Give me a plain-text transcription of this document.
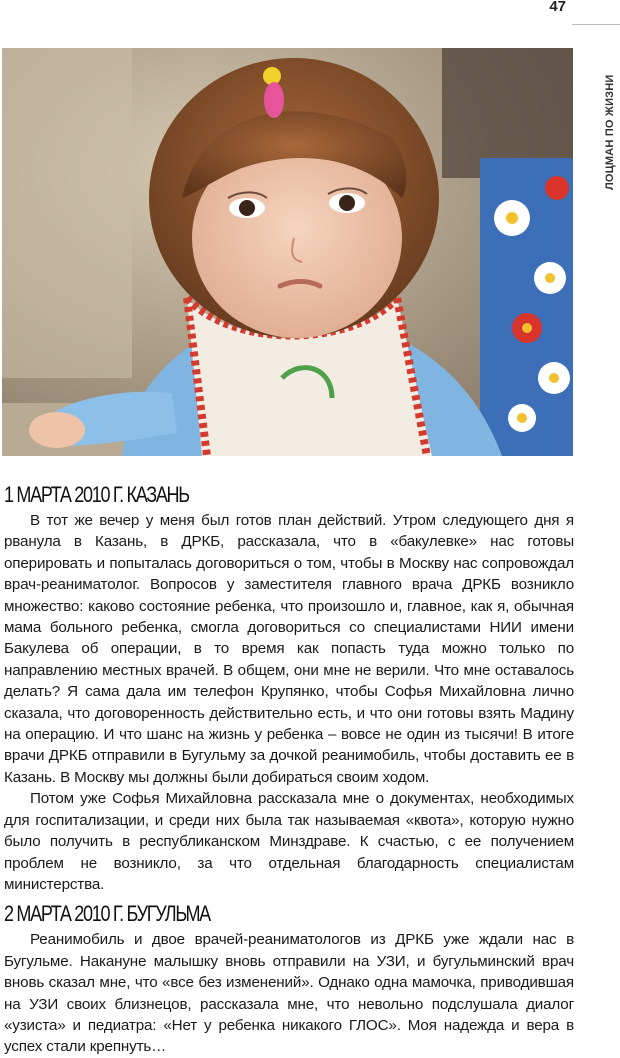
47
ЛОЦМАН ПО ЖИЗНИ
1 МАРТА 2010 Г. КАЗАНЬ

В тот же вечер у меня был готов план действий. Утром следующего дня я рванула в Казань, в ДРКБ, рассказала, что в «бакулевке» нас готовы оперировать и попыталась договориться о том, чтобы в Москву нас сопровождал врач-реаниматолог. Вопросов у заместителя главного врача ДРКБ возникло множество: каково состояние ребенка, что произошло и, главное, как я, обычная мама больного ребенка, смогла договориться со специалистами НИИ имени Бакулева об операции, в то время как попасть туда можно только по направлению местных врачей. В общем, они мне не верили. Что мне оставалось делать? Я сама дала им телефон Крупянко, чтобы Софья Михайловна лично сказала, что договоренность действительно есть, и что они готовы взять Мадину на операцию. И что шанс на жизнь у ребенка – вовсе не один из тысячи! В итоге врачи ДРКБ отправили в Бугульму за дочкой реанимобиль, чтобы доставить ее в Казань. В Москву мы должны были добираться своим ходом.

Потом уже Софья Михайловна рассказала мне о документах, необходимых для госпитализации, и среди них была так называемая «квота», которую нужно было получить в республиканском Минздраве. К счастью, с ее получением проблем не возникло, за что отдельная благодарность специалистам министерства.

2 МАРТА 2010 Г. БУГУЛЬМА

Реанимобиль и двое врачей-реаниматологов из ДРКБ уже ждали нас в Бугульме. Накануне малышку вновь отправили на УЗИ, и бугульминский врач вновь сказал мне, что «все без изменений». Однако одна мамочка, приводившая на УЗИ своих близнецов, рассказала мне, что невольно подслушала диалог «узиста» и педиатра: «Нет у ребенка никакого ГЛОС». Моя надежда и вера в успех стали крепнуть…
